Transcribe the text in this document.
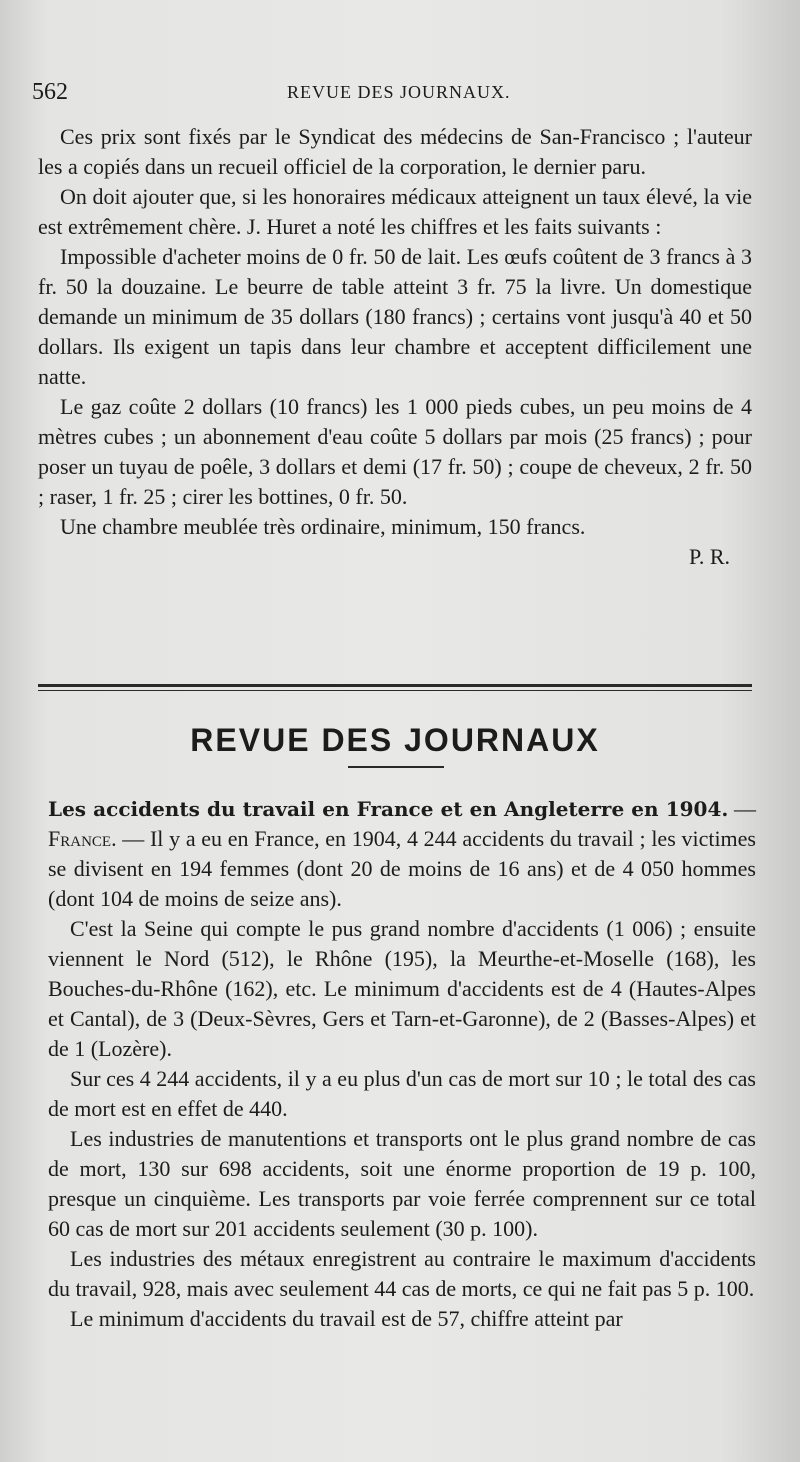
562	REVUE DES JOURNAUX.

Ces prix sont fixés par le Syndicat des médecins de San-Francisco ; l'auteur les a copiés dans un recueil officiel de la corporation, le dernier paru.

On doit ajouter que, si les honoraires médicaux atteignent un taux élevé, la vie est extrêmement chère. J. Huret a noté les chiffres et les faits suivants :

Impossible d'acheter moins de 0 fr. 50 de lait. Les œufs coûtent de 3 francs à 3 fr. 50 la douzaine. Le beurre de table atteint 3 fr. 75 la livre. Un domestique demande un minimum de 35 dollars (180 francs) ; certains vont jusqu'à 40 et 50 dollars. Ils exigent un tapis dans leur chambre et acceptent difficilement une natte.

Le gaz coûte 2 dollars (10 francs) les 1 000 pieds cubes, un peu moins de 4 mètres cubes ; un abonnement d'eau coûte 5 dollars par mois (25 francs) ; pour poser un tuyau de poêle, 3 dollars et demi (17 fr. 50) ; coupe de cheveux, 2 fr. 50 ; raser, 1 fr. 25 ; cirer les bottines, 0 fr. 50.

Une chambre meublée très ordinaire, minimum, 150 francs.

P. R.

REVUE DES JOURNAUX

Les accidents du travail en France et en Angleterre en 1904. — France. — Il y a eu en France, en 1904, 4 244 accidents du travail ; les victimes se divisent en 194 femmes (dont 20 de moins de 16 ans) et de 4 050 hommes (dont 104 de moins de seize ans).

C'est la Seine qui compte le pus grand nombre d'accidents (1 006) ; ensuite viennent le Nord (512), le Rhône (195), la Meurthe-et-Moselle (168), les Bouches-du-Rhône (162), etc. Le minimum d'accidents est de 4 (Hautes-Alpes et Cantal), de 3 (Deux-Sèvres, Gers et Tarn-et-Garonne), de 2 (Basses-Alpes) et de 1 (Lozère).

Sur ces 4 244 accidents, il y a eu plus d'un cas de mort sur 10 ; le total des cas de mort est en effet de 440.

Les industries de manutentions et transports ont le plus grand nombre de cas de mort, 130 sur 698 accidents, soit une énorme proportion de 19 p. 100, presque un cinquième. Les transports par voie ferrée comprennent sur ce total 60 cas de mort sur 201 accidents seulement (30 p. 100).

Les industries des métaux enregistrent au contraire le maximum d'accidents du travail, 928, mais avec seulement 44 cas de morts, ce qui ne fait pas 5 p. 100.

Le minimum d'accidents du travail est de 57, chiffre atteint par
